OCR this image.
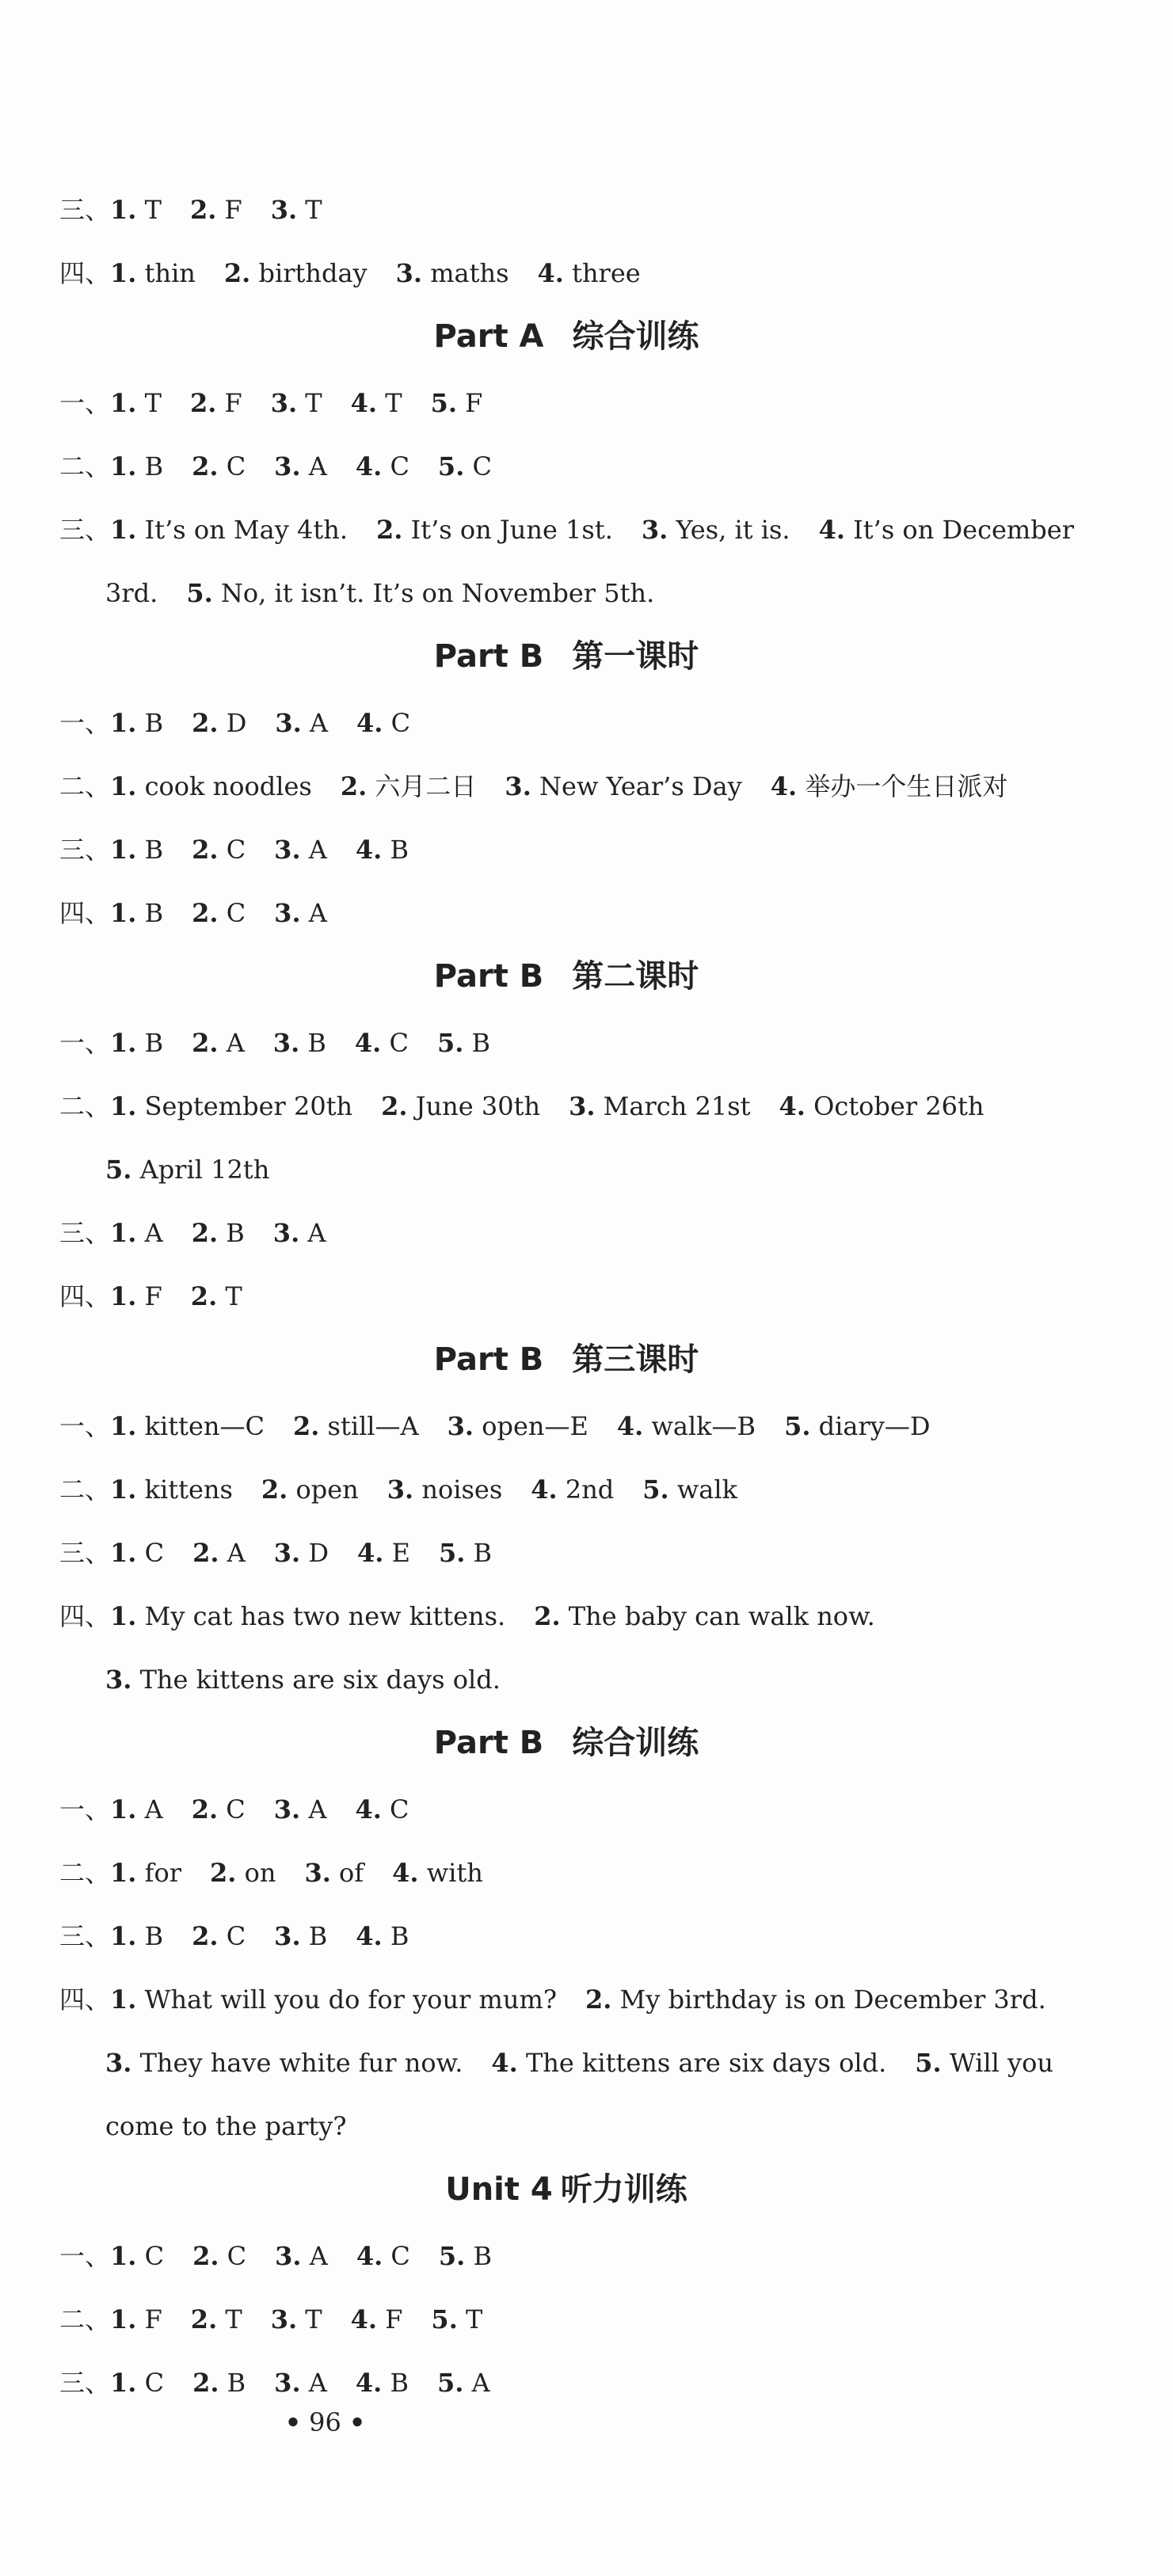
三、1. T 2. F 3. T
四、1. thin 2. birthday 3. maths 4. three
Part A 综合训练
一、1. T 2. F 3. T 4. T 5. F
二、1. B 2. C 3. A 4. C 5. C
三、1. It’s on May 4th. 2. It’s on June 1st. 3. Yes, it is. 4. It’s on December
3rd. 5. No, it isn’t. It’s on November 5th.
Part B 第一课时
一、1. B 2. D 3. A 4. C
二、1. cook noodles 2. 六月二日 3. New Year’s Day 4. 举办一个生日派对
三、1. B 2. C 3. A 4. B
四、1. B 2. C 3. A
Part B 第二课时
一、1. B 2. A 3. B 4. C 5. B
二、1. September 20th 2. June 30th 3. March 21st 4. October 26th
5. April 12th
三、1. A 2. B 3. A
四、1. F 2. T
Part B 第三课时
一、1. kitten—C 2. still—A 3. open—E 4. walk—B 5. diary—D
二、1. kittens 2. open 3. noises 4. 2nd 5. walk
三、1. C 2. A 3. D 4. E 5. B
四、1. My cat has two new kittens. 2. The baby can walk now.
3. The kittens are six days old.
Part B 综合训练
一、1. A 2. C 3. A 4. C
二、1. for 2. on 3. of 4. with
三、1. B 2. C 3. B 4. B
四、1. What will you do for your mum? 2. My birthday is on December 3rd.
3. They have white fur now. 4. The kittens are six days old. 5. Will you
come to the party?
Unit 4 听力训练
一、1. C 2. C 3. A 4. C 5. B
二、1. F 2. T 3. T 4. F 5. T
三、1. C 2. B 3. A 4. B 5. A
• 96 •
